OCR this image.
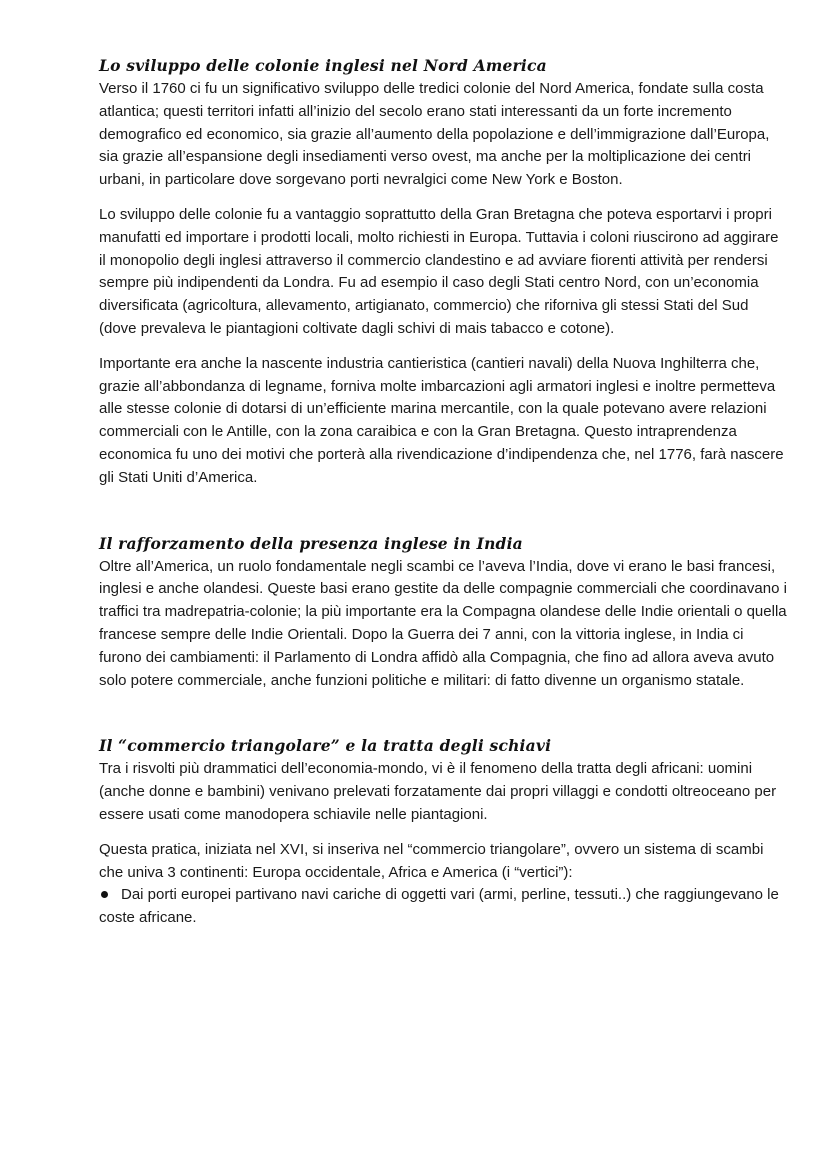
Lo sviluppo delle colonie inglesi nel Nord America

Verso il 1760 ci fu un significativo sviluppo delle tredici colonie del Nord America, fondate sulla costa atlantica; questi territori infatti all’inizio del secolo erano stati interessanti da un forte incremento demografico ed economico, sia grazie all’aumento della popolazione e dell’immigrazione dall’Europa, sia grazie all’espansione degli insediamenti verso ovest, ma anche per la moltiplicazione dei centri urbani, in particolare dove sorgevano porti nevralgici come New York e Boston.

Lo sviluppo delle colonie fu a vantaggio soprattutto della Gran Bretagna che poteva esportarvi i propri manufatti ed importare i prodotti locali, molto richiesti in Europa. Tuttavia i coloni riuscirono ad aggirare il monopolio degli inglesi attraverso il commercio clandestino e ad avviare fiorenti attività per rendersi sempre più indipendenti da Londra. Fu ad esempio il caso degli Stati centro Nord, con un’economia diversificata (agricoltura, allevamento, artigianato, commercio) che riforniva gli stessi Stati del Sud (dove prevaleva le piantagioni coltivate dagli schivi di mais tabacco e cotone).

Importante era anche la nascente industria cantieristica (cantieri navali) della Nuova Inghilterra che, grazie all’abbondanza di legname, forniva molte imbarcazioni agli armatori inglesi e inoltre permetteva alle stesse colonie di dotarsi di un’efficiente marina mercantile, con la quale potevano avere relazioni commerciali con le Antille, con la zona caraibica e con la Gran Bretagna. Questo intraprendenza economica fu uno dei motivi che porterà alla rivendicazione d’indipendenza che, nel 1776, farà nascere gli Stati Uniti d’America.

Il rafforzamento della presenza inglese in India

Oltre all’America, un ruolo fondamentale negli scambi ce l’aveva l’India, dove vi erano le basi francesi, inglesi e anche olandesi. Queste basi erano gestite da delle compagnie commerciali che coordinavano i traffici tra madrepatria-colonie; la più importante era la Compagna olandese delle Indie orientali o quella francese sempre delle Indie Orientali. Dopo la Guerra dei 7 anni, con la vittoria inglese, in India ci furono dei cambiamenti: il Parlamento di Londra affidò alla Compagnia, che fino ad allora aveva avuto solo potere commerciale, anche funzioni politiche e militari: di fatto divenne un organismo statale.

Il “commercio triangolare” e la tratta degli schiavi

Tra i risvolti più drammatici dell’economia-mondo, vi è il fenomeno della tratta degli africani: uomini (anche donne e bambini) venivano prelevati forzatamente dai propri villaggi e condotti oltreoceano per essere usati come manodopera schiavile nelle piantagioni.

Questa pratica, iniziata nel XVI, si inseriva nel “commercio triangolare”, ovvero un sistema di scambi che univa 3 continenti: Europa occidentale, Africa e America (i “vertici”):

Dai porti europei partivano navi cariche di oggetti vari (armi, perline, tessuti..) che raggiungevano le coste africane.
